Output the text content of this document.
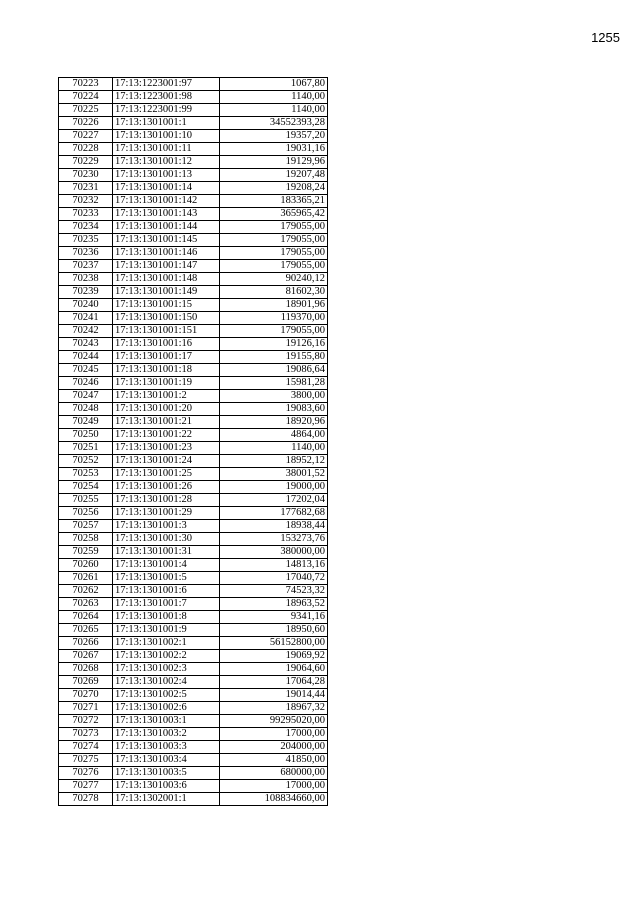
1255
70223	17:13:1223001:97	1067,80
70224	17:13:1223001:98	1140,00
70225	17:13:1223001:99	1140,00
70226	17:13:1301001:1	34552393,28
70227	17:13:1301001:10	19357,20
70228	17:13:1301001:11	19031,16
70229	17:13:1301001:12	19129,96
70230	17:13:1301001:13	19207,48
70231	17:13:1301001:14	19208,24
70232	17:13:1301001:142	183365,21
70233	17:13:1301001:143	365965,42
70234	17:13:1301001:144	179055,00
70235	17:13:1301001:145	179055,00
70236	17:13:1301001:146	179055,00
70237	17:13:1301001:147	179055,00
70238	17:13:1301001:148	90240,12
70239	17:13:1301001:149	81602,30
70240	17:13:1301001:15	18901,96
70241	17:13:1301001:150	119370,00
70242	17:13:1301001:151	179055,00
70243	17:13:1301001:16	19126,16
70244	17:13:1301001:17	19155,80
70245	17:13:1301001:18	19086,64
70246	17:13:1301001:19	15981,28
70247	17:13:1301001:2	3800,00
70248	17:13:1301001:20	19083,60
70249	17:13:1301001:21	18920,96
70250	17:13:1301001:22	4864,00
70251	17:13:1301001:23	1140,00
70252	17:13:1301001:24	18952,12
70253	17:13:1301001:25	38001,52
70254	17:13:1301001:26	19000,00
70255	17:13:1301001:28	17202,04
70256	17:13:1301001:29	177682,68
70257	17:13:1301001:3	18938,44
70258	17:13:1301001:30	153273,76
70259	17:13:1301001:31	380000,00
70260	17:13:1301001:4	14813,16
70261	17:13:1301001:5	17040,72
70262	17:13:1301001:6	74523,32
70263	17:13:1301001:7	18963,52
70264	17:13:1301001:8	9341,16
70265	17:13:1301001:9	18950,60
70266	17:13:1301002:1	56152800,00
70267	17:13:1301002:2	19069,92
70268	17:13:1301002:3	19064,60
70269	17:13:1301002:4	17064,28
70270	17:13:1301002:5	19014,44
70271	17:13:1301002:6	18967,32
70272	17:13:1301003:1	99295020,00
70273	17:13:1301003:2	17000,00
70274	17:13:1301003:3	204000,00
70275	17:13:1301003:4	41850,00
70276	17:13:1301003:5	680000,00
70277	17:13:1301003:6	17000,00
70278	17:13:1302001:1	108834660,00
